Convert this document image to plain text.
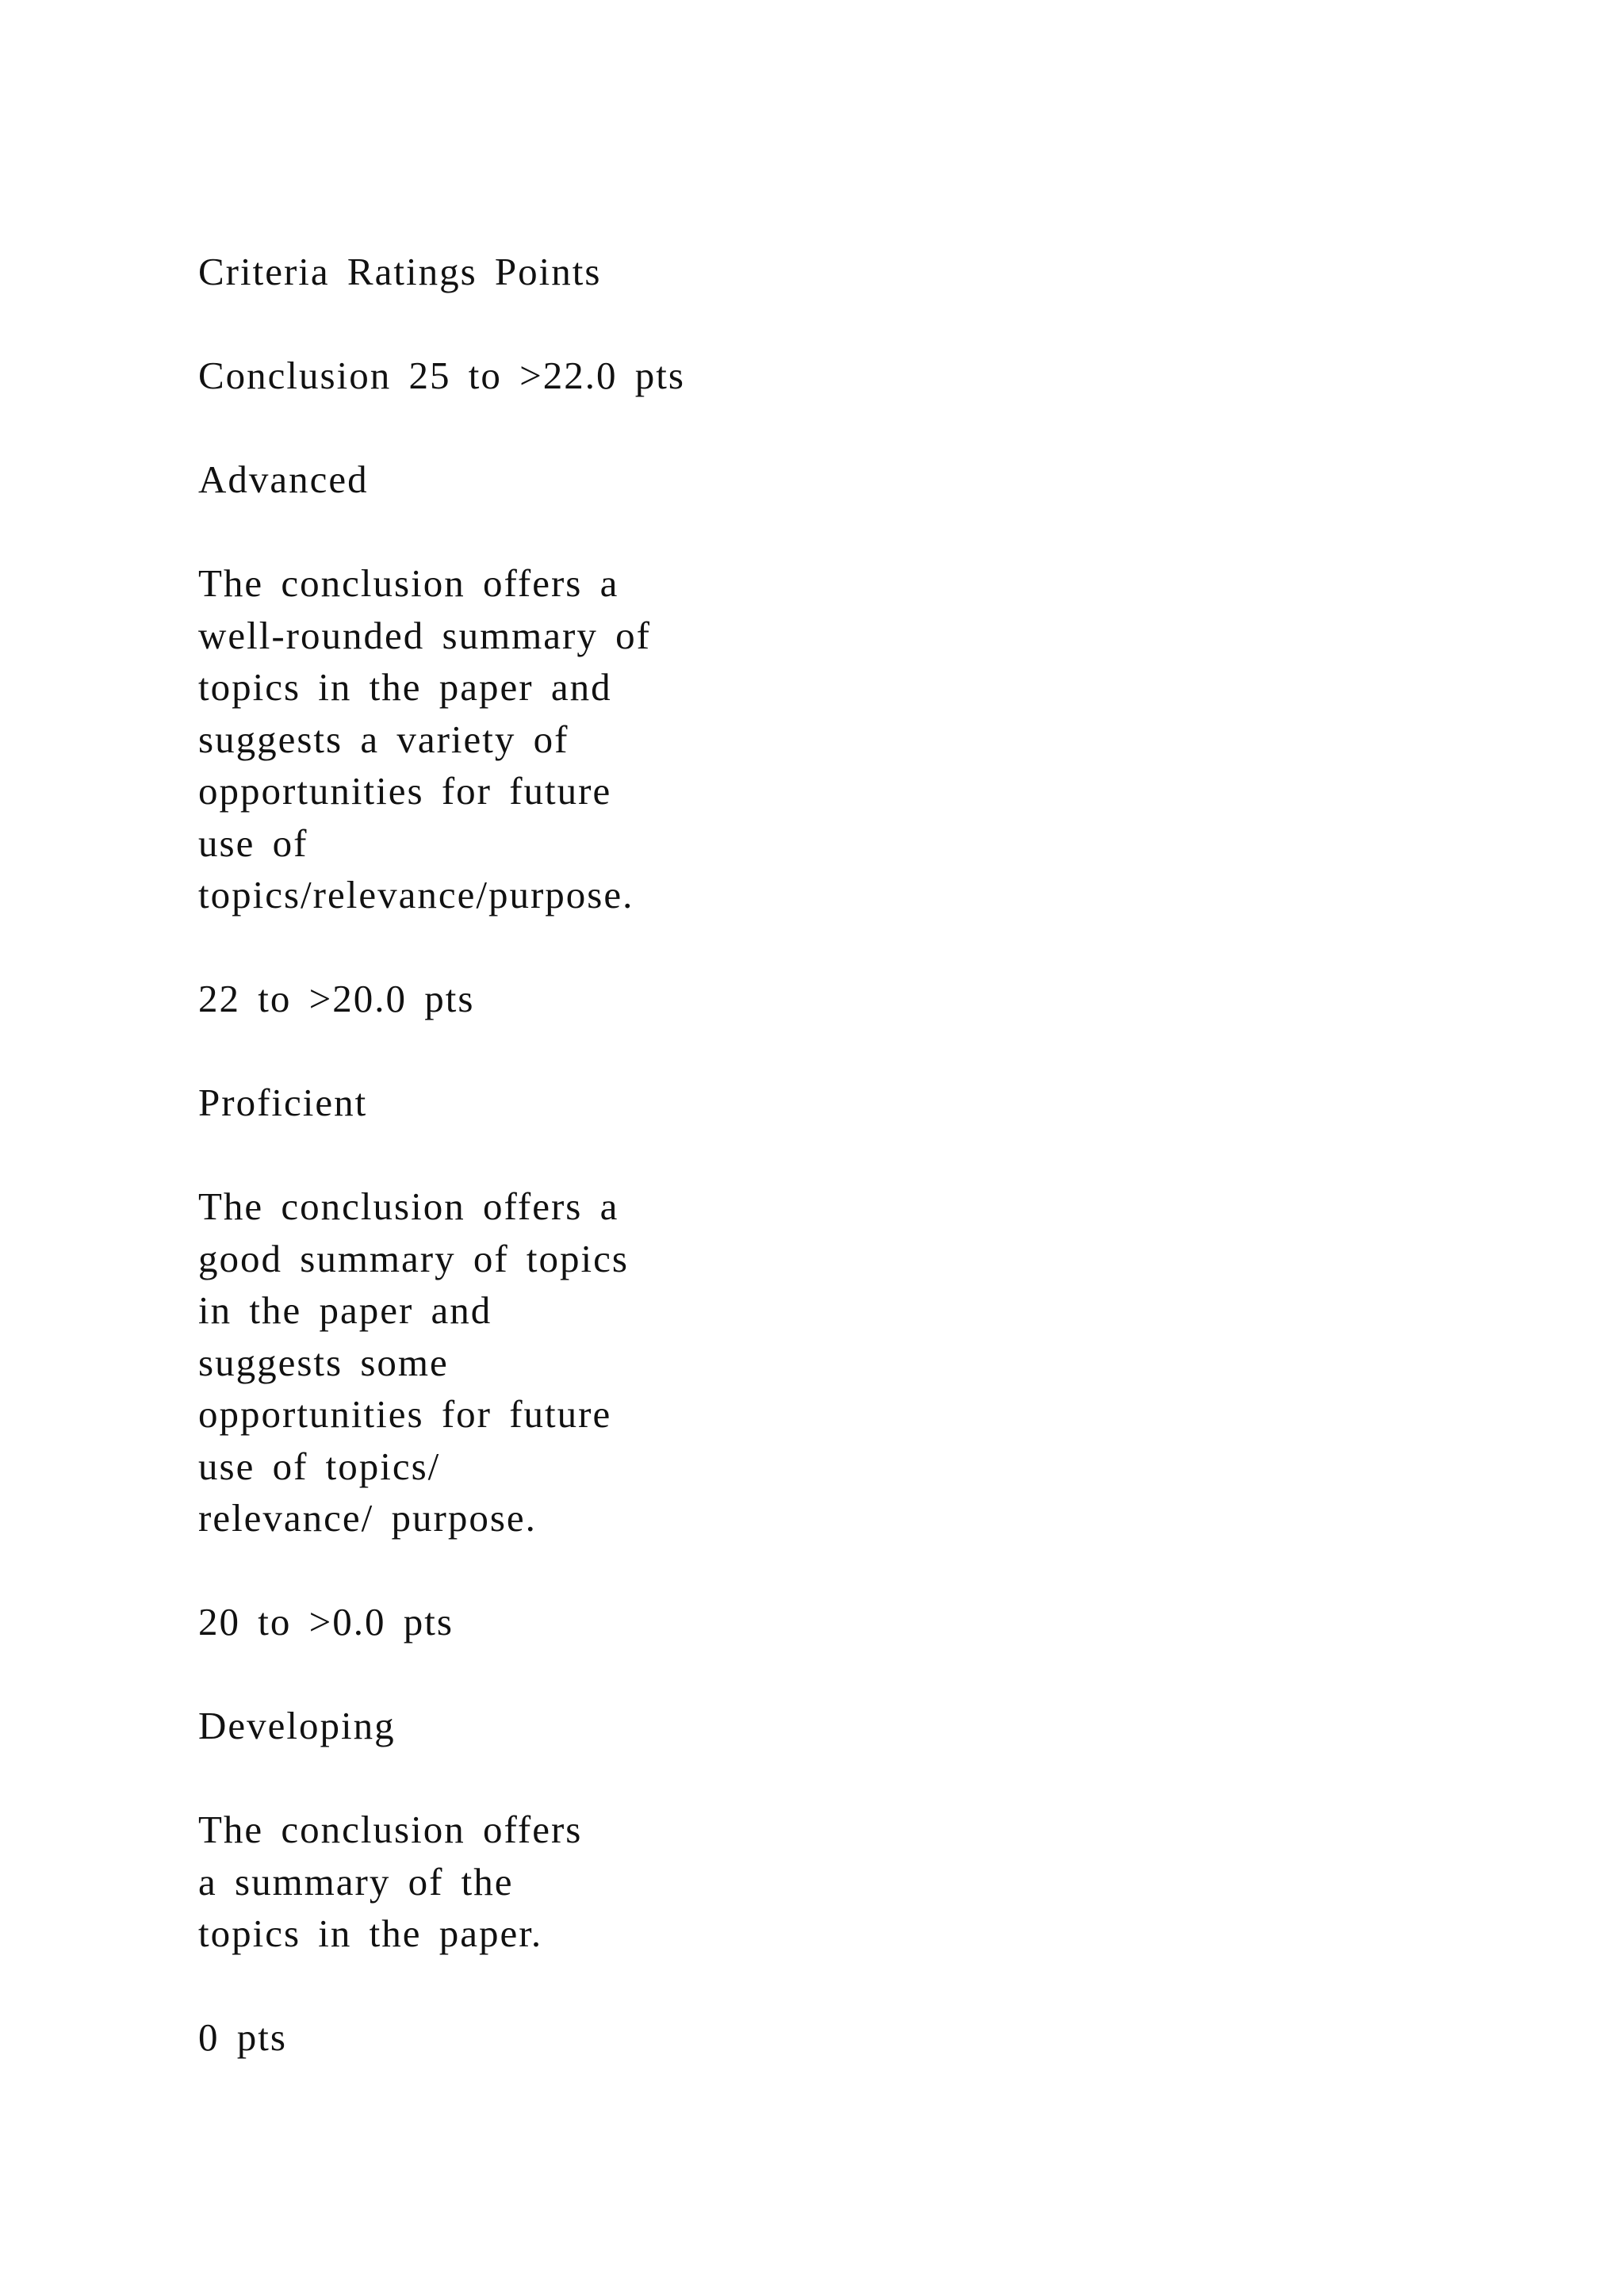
Criteria Ratings Points

Conclusion 25 to >22.0 pts

Advanced

The conclusion offers a
well-rounded summary of
topics in the paper and
suggests a variety of
opportunities for future
use of
topics/relevance/purpose.

22 to >20.0 pts

Proficient

The conclusion offers a
good summary of topics
in the paper and
suggests some
opportunities for future
use of topics/
relevance/ purpose.

20 to >0.0 pts

Developing

The conclusion offers
a summary of the
topics in the paper.

0 pts
